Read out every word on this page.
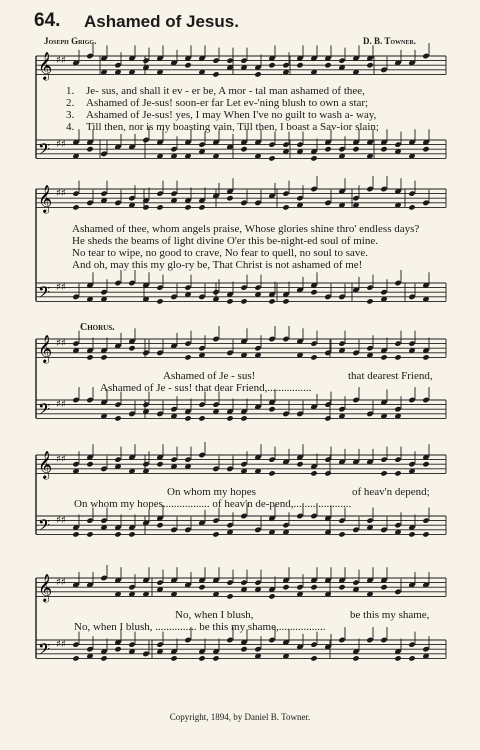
𝄞 ♯♯
𝄢 ♯♯
𝄞 ♯♯
𝄢 ♯♯
𝄞 ♯♯
𝄢 ♯♯
𝄞 ♯♯
𝄢 ♯♯
𝄞 ♯♯
𝄢 ♯♯
64. Ashamed of Jesus.
Joseph Grigg.	D. B. Towner.
1. Je- sus, and shall it ev - er be, A mor - tal man ashamed of thee,
2. Ashamed of Je-sus! soon-er far Let ev-'ning blush to own a star;
3. Ashamed of Je-sus! yes, I may When I've no guilt to wash a- way,
4. Till then, nor is my boasting vain, Till then, I boast a Sav-ior slain;
Ashamed of thee, whom angels praise, Whose glories shine thro' endless days?
He sheds the beams of light divine O'er this be-night-ed soul of mine.
No tear to wipe, no good to crave, No fear to quell, no soul to save.
And oh, may this my glo-ry be, That Christ is not ashamed of me!
Chorus.
Ashamed of Je - sus!	that dearest Friend,
Ashamed of Je - sus! that dear Friend,................
On whom my hopes	of heav'n depend;
On whom my hopes................. of heav'n de-pend,.....................
No, when I blush,	be this my shame,
No, when I blush, ............... be this my shame,.................
Copyright, 1894, by Daniel B. Towner.
